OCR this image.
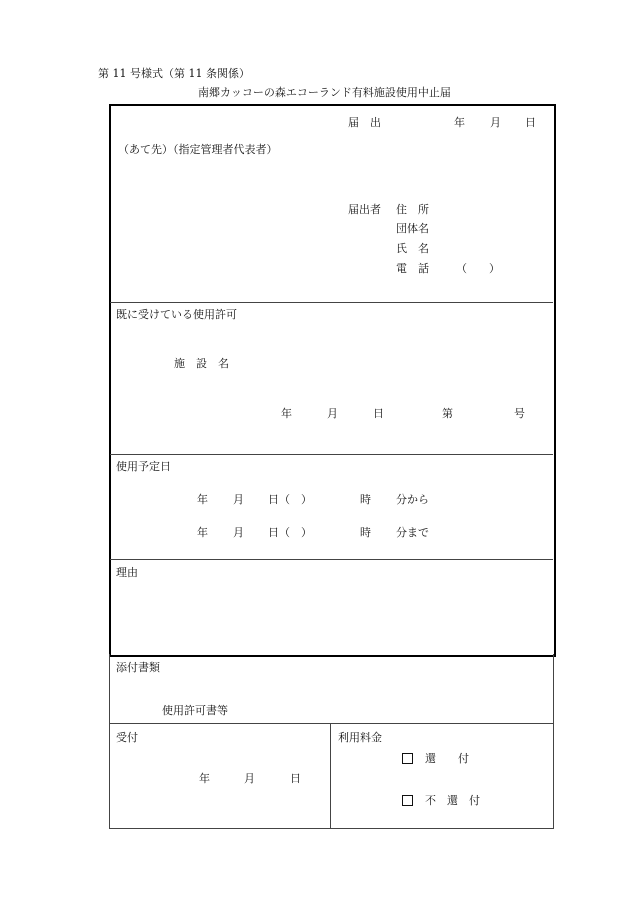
第 11 号様式（第 11 条関係）
南郷カッコーの森エコーランド有料施設使用中止届
届　出	年 月 日
（あて先）（指定管理者代表者）
届出者 住　所
団体名
氏　名
電　話 （　　）
既に受けている使用許可
施　設　名
年	月	日	第	号
使用予定日
年 月 日（　）	時 分から
年 月 日（　）	時 分まで
理由
添付書類
使用許可書等
受付
年	月	日
利用料金
還　　付
不　還　付
